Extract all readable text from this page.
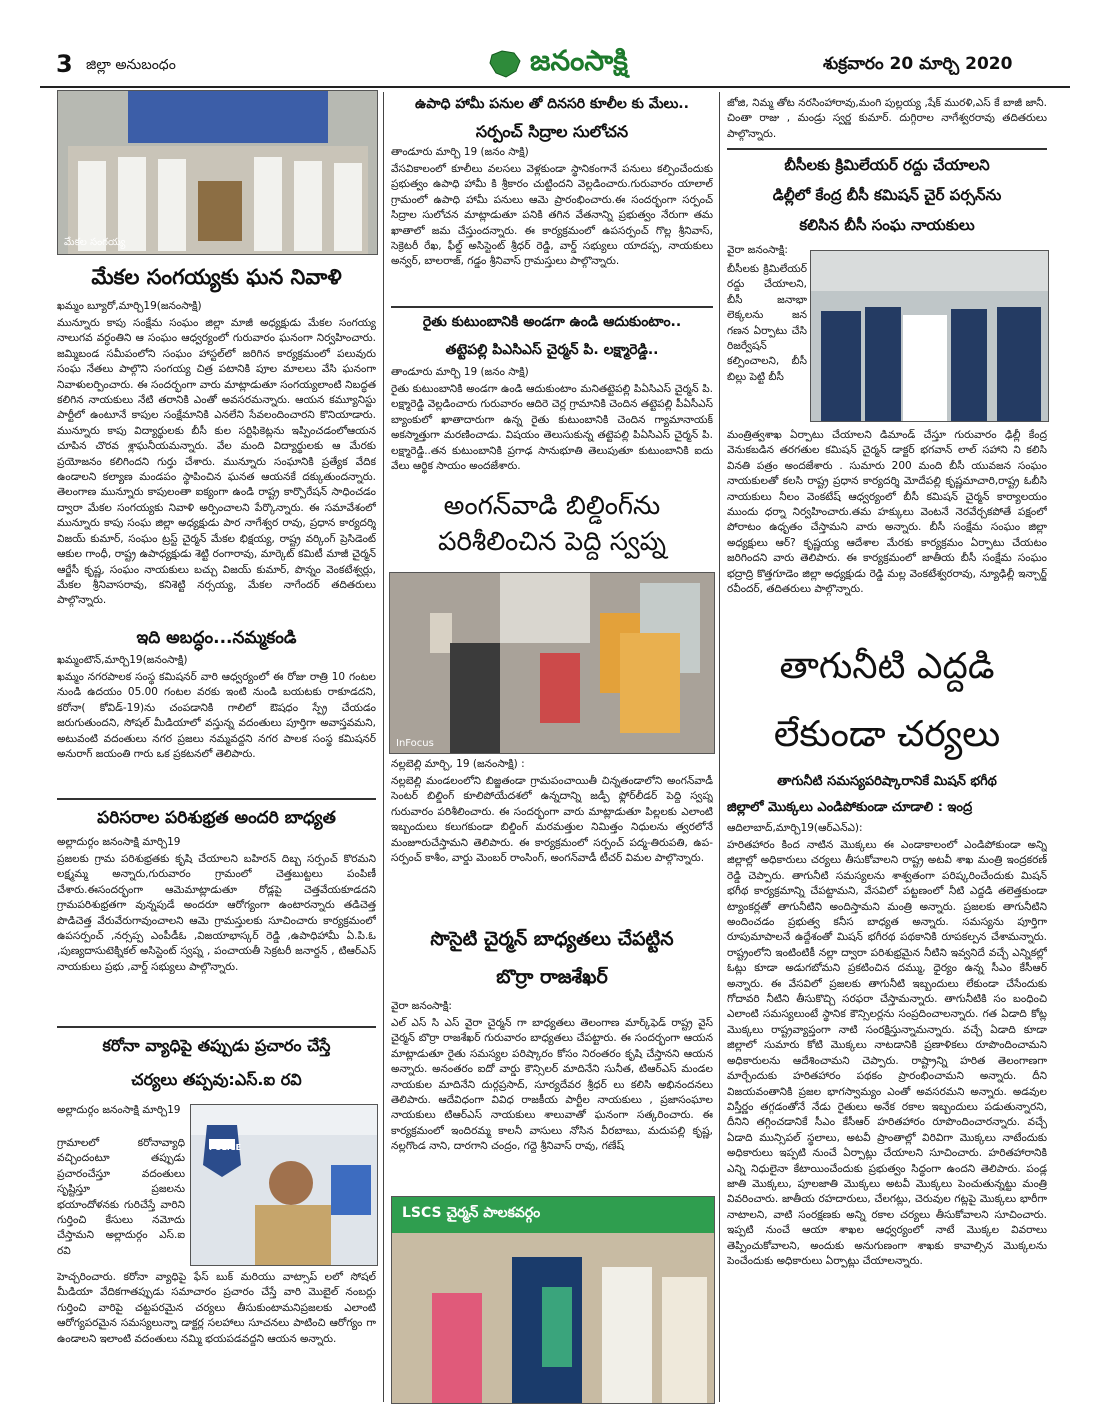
3 జిల్లా అనుబంధం	జనంసాక్షి	శుక్రవారం 20 మార్చి 2020
మేకల సంగయ్య
మేకల సంగయ్యకు ఘన నివాళి
ఖమ్మం బ్యూరో,మార్చి19(జనంసాక్షి)
మున్నూరు కాపు సంక్షేమ సంఘం జిల్లా మాజీ అధ్యక్షుడు మేకల సంగయ్య నాలుగవ వర్ధంతిని ఆ సంఘం ఆధ్వర్యంలో గురువారం ఘనంగా నిర్వహించారు. జమ్మిబండ సమీపంలోని సంఘం హాస్టల్‌లో జరిగిన కార్యక్రమంలో పలువురు సంఘ నేతలు పాల్గొని సంగయ్య చిత్ర పటానికి పూల మాలలు వేసి ఘనంగా నివాళులర్పించారు. ఈ సందర్భంగా వారు మాట్లాడుతూ సంగయ్యలాంటి నిబద్ధత కలిగిన నాయకులు నేటి తరానికి ఎంతో అవసరమన్నారు. ఆయన కమ్యూనిస్టు పార్టీలో ఉంటూనే కాపుల సంక్షేమానికి ఎనలేని సేవలందించారని కొనియాడారు. మున్నూరు కాపు విద్యార్థులకు బీసీ కుల సర్టిఫికెట్లను ఇప్పించడంలోఆయన చూపిన చొరవ శ్లాఘనీయమన్నారు. వేల మంది విద్యార్థులకు ఆ మేరకు ప్రయోజనం కలిగిందని గుర్తు చేశారు. మున్నూరు సంఘానికి ప్రత్యేక వేదిక ఉండాలని కల్యాణ మండపం స్థాపించిన ఘనత ఆయనకే దక్కుతుందన్నారు. తెలంగాణ మున్నూరు కాపులంతా ఐక్యంగా ఉండి రాష్ట్ర కార్పొరేషన్ సాధించడం ద్వారా మేకల సంగయ్యకు నివాళి అర్పించాలని పేర్కొన్నారు. ఈ సమావేశంలో మున్నూరు కాపు సంఘ జిల్లా అధ్యక్షుడు పార నాగేశ్వర రావు, ప్రధాన కార్యదర్శి విజయ్ కుమార్, సంఘం ట్రస్ట్ చైర్మన్ మేకల భిక్షయ్య, రాష్ట్ర వర్కింగ్ ప్రెసిడెంట్ ఆకుల గాంధీ, రాష్ట్ర ఉపాధ్యక్షుడు శెట్టి రంగారావు, మార్కెట్ కమిటీ మాజీ చైర్మన్ ఆర్జేసీ కృష్ణ, సంఘం నాయకులు బచ్చు విజయ్ కుమార్, పొన్నం వెంకటేశ్వర్లు, మేకల శ్రీనివాసరావు, కనిశెట్టి నర్సయ్య, మేకల నాగేందర్ తదితరులు పాల్గొన్నారు.
ఇది అబద్ధం...నమ్మకండి
ఖమ్మంటౌన్,మార్చి19(జనంసాక్షి)
ఖమ్మం నగరపాలక సంస్థ కమిషనర్ వారి ఆధ్వర్యంలో ఈ రోజు రాత్రి 10 గంటల నుండి ఉదయం 05.00 గంటల వరకు ఇంటి నుండి బయటకు రాకూడదని, కరోనా( కోవిడ్-19)ను చంపడానికి గాలిలో ఔషధం స్ప్రే చేయడం జరుగుతుందని, సోషల్ మీడియాలో వస్తున్న వదంతులు పూర్తిగా అవాస్తవమని, అటువంటి వదంతులు నగర ప్రజలు నమ్మవద్దని నగర పాలక సంస్థ కమిషనర్ అనురాగ్ జయంతి గారు ఒక ప్రకటనలో తెలిపారు.
పరిసరాల పరిశుభ్రత అందరి బాధ్యత
అల్లాదుర్గం జనంసాక్షి మార్చి19
ప్రజలకు గ్రామ పరిశుభ్రతకు కృషి చేయాలని బహిరన్ దిబ్బ సర్పంచ్ కొరమని లక్ష్మమ్మ అన్నారు,గురువారం గ్రామంలో చెత్తబుట్టలు పంపిణీ చేశారు.ఈసందర్భంగా ఆమెమాట్లాడుతూ రోడ్లపై చెత్తవేయకూడదని గ్రామపరిశుభ్రతగా వున్నపుడే అందరూ ఆరోగ్యంగా ఉంటారన్నారు తడిచెత్త పొడిచెత్త వేరువేరుగావుంచాలని ఆమె గ్రామస్తులకు సూచించారు కార్యక్రమంలో ఉపసర్పంచ్ ,నర్సప్ప ఎంపీడీఓ ,విజయాభాస్కర్ రెడ్డి ,ఉపాధిహామీ ఏ.పి.ఓ ,పుణ్యదాసుటెక్నికల్ అసిస్టెంట్ స్వప్న , పంచాయతీ సెక్రటరీ జనార్దన్ , టిఆర్ఎస్ నాయకులు ప్రభు ,వార్డ్ సభ్యులు పాల్గొన్నారు.
కరోనా వ్యాధిపై తప్పుడు ప్రచారం చేస్తే
చర్యలు తప్పవు:ఎస్.ఐ రవి
అల్లాదుర్గం జనంసాక్షి మార్చి19
గ్రామాలలో కరోనావ్యాధి వచ్చిందంటూ తప్పుడు ప్రచారంచేస్తూ వదంతులు సృష్టిస్తూ ప్రజలను భయాందోళనకు గురిచేస్తే వారిని గుర్తించి కేసులు నమోదు చేస్తామని అల్లాదుర్గం ఎస్.ఐ రవి
POLICE
హెచ్చరించారు. కరోనా వ్యాధిపై ఫేస్ బుక్ మరియు వాట్సాప్ లలో సోషల్ మీడియా వేదికగాతప్పుడు సమాచారం ప్రచారం చేస్తే వారి మొబైల్ నంబర్లు గుర్తించి వారిపై చట్టపరమైన చర్యలు తీసుకుంటామనిప్రజలకు ఎలాంటి ఆరోగ్యపరమైన సమస్యలున్నా డాక్టర్ల సలహాలు సూచనలు పాటించి ఆరోగ్యం గా ఉండాలని ఇలాంటి వదంతులు నమ్మి భయపడవద్దని ఆయన అన్నారు.
ఉపాధి హామీ పనుల తో దినసరి కూలీల కు మేలు..
సర్పంచ్ సిద్రాల సులోచన
తాండూరు మార్చి 19 (జనం సాక్షి)
వేసవికాలంలో కూలీలు వలసలు వెళ్లకుండా స్థానికంగానే పనులు కల్పించేందుకు ప్రభుత్వం ఉపాధి హామీ కి శ్రీకారం చుట్టిందని వెల్లడించారు.గురువారం యాలాల్ గ్రామంలో ఉపాధి హామీ పనులు ఆమె ప్రారంభించారు.ఈ సందర్భంగా సర్పంచ్ సిద్రాల సులోచన మాట్లాడుతూ పనికి తగిన వేతనాన్ని ప్రభుత్వం నేరుగా తమ ఖాతాలో జమ చేస్తుందన్నారు. ఈ కార్యక్రమంలో ఉపసర్పంచ్ గొల్ల శ్రీనివాస్, సెక్రెటరీ రేఖ, ఫీల్డ్ అసిస్టెంట్ శ్రీధర్ రెడ్డి, వార్డ్ సభ్యులు యాదప్ప, నాయకులు అన్వర్, బాలరాజ్, గడ్డం శ్రీనివాస్ గ్రామస్తులు పాల్గొన్నారు.
రైతు కుటుంబానికి అండగా ఉండి ఆదుకుంటాం..
తట్టెపల్లి పిఎసిఎస్ చైర్మన్ పి. లక్ష్మారెడ్డి..
తాండూరు మార్చి 19 (జనం సాక్షి)
రైతు కుటుంబానికి అండగా ఉండి ఆదుకుంటాం మనితట్టెపల్లి పిఏసిఎస్ చైర్మన్ పి. లక్ష్మారెడ్డి వెల్లడించారు గురువారం ఆదిరె చెర్ల గ్రామానికి చెందిన తట్టెపల్లి పీఏసీఎస్ బ్యాంకులో ఖాతాదారుగా ఉన్న రైతు కుటుంబానికి చెందిన గ్యామానాయక్ అకస్మాత్తుగా మరణించాడు. విషయం తెలుసుకున్న తట్టెపల్లి పిఏసిఎస్ చైర్మన్ పి. లక్ష్మారెడ్డి..తన కుటుంబానికి ప్రగాఢ సానుభూతి తెలుపుతూ కుటుంబానికి ఐదు వేలు ఆర్థిక సాయం అందజేశారు.
అంగన్‌వాడి బిల్డింగ్‌ను
పరిశీలించిన పెద్ది స్వప్న
InFocus
నల్లబెల్లి మార్చి, 19 (జనంసాక్షి) :
నల్లబెల్లి మండలంలోని బిజ్జతండా గ్రామపంచాయితీ చిన్నతండాలోని అంగన్‌వాడీ సెంటర్ బిల్డింగ్ కూలిపోయేదశలో ఉన్నదాన్ని జడ్పీ ఫ్లోర్‌లీడర్ పెద్ది స్వప్న గురువారం పరిశీలించారు. ఈ సందర్భంగా వారు మాట్లాడుతూ పిల్లలకు ఎలాంటి ఇబ్బందులు కలుగకుండా బిల్డింగ్ మరమత్తుల నిమిత్తం నిధులను త్వరలోనే మంజూరుచేస్తామని తెలిపారు. ఈ కార్యక్రమంలో సర్పంచ్ పద్మ-తిరుపతి, ఉప-సర్పంచ్ కాశీం, వార్డు మెంబర్ రాంసింగ్, అంగన్‌వాడీ టీచర్ విమల పాల్గొన్నారు.
సొసైటి చైర్మన్ బాధ్యతలు చేపట్టిన
బొర్రా రాజశేఖర్
వైరా జనంసాక్షి:
ఎల్ ఎస్ సి ఎస్ వైరా చైర్మన్ గా బాధ్యతలు తెలంగాణ మార్క్‌ఫెడ్ రాష్ట్ర వైస్ చైర్మన్ బొర్రా రాజశేఖర్ గురువారం బాధ్యతలు చేపట్టారు. ఈ సందర్భంగా ఆయన మాట్లాడుతూ రైతు సమస్యల పరిష్కారం కోసం నిరంతరం కృషి చేస్తానని ఆయన అన్నారు. అనంతరం ఐదో వార్డు కౌన్సిలర్ మాదినేని సునీత, టిఆర్ఎస్ మండల నాయకుల మాదినేని దుర్గప్రసాద్, సూర్యదేవర శ్రీధర్ లు కలిసి అభినందనలు తెలిపారు. ఆదేవిధంగా వివిధ రాజకీయ పార్టీల నాయకులు , ప్రజాసంఘాల నాయకులు టిఆర్ఎస్ నాయకులు శాలువాతో ఘనంగా సత్కరించారు. ఈ కార్యక్రమంలో ఇందిరమ్మ కాలనీ వాసులు నోసిన వీరబాబు, మదుపల్లి కృష్ణ, నల్లగొండ నాని, దారగాని చంద్రం, గద్దె శ్రీనివాస్ రావు, గణేష్
LSCS చైర్మన్ పాలకవర్గం
జోజి, నిమ్మ తోట నరసింహారావు,మంగి పుల్లయ్య ,షేక్ మురళి,ఎస్ కే బాజీ జానీ. చింతా రాజు , మండ్రు స్వర్ణ కుమార్. దుగ్గిరాల నాగేశ్వరరావు తదితరులు పాల్గొన్నారు.
బీసీలకు క్రిమిలేయర్ రద్దు చేయాలని
డిల్లీలో కేంద్ర బీసీ కమిషన్ చైర్ పర్సన్‌ను
కలిసిన బీసీ సంఘ నాయకులు
వైరా జనంసాక్షి:
బీసీలకు క్రిమిలేయర్ రద్దు చేయాలని, బీసీ జనాభా లెక్కలను జన గణన ఏర్పాటు చేసి రిజర్వేషన్ కల్పించాలని, బీసీ బిల్లు పెట్టి బీసీ
మంత్రిత్వశాఖ ఏర్పాటు చేయాలని డిమాండ్ చేస్తూ గురువారం ఢిల్లీ కేంద్ర వెనుకబడిన తరగతుల కమిషన్ చైర్మన్ డాక్టర్ భగవాన్ లాల్ సహాని ని కలిసి వినతి పత్రం అందజేశారు . సుమారు 200 మంది బీసీ యువజన సంఘం నాయకులతో కలసి రాష్ట్ర ప్రధాన కార్యదర్శి మోదేపల్లి కృష్ణమాచారి,రాష్ట్ర ఓబీసి నాయకులు నీలం వెంకటేష్ ఆధ్వర్యంలో బీసీ కమిషన్ చైర్మన్ కార్యాలయం ముందు ధర్నా నిర్వహించారు.తమ హక్కులు వెంటనే నెరవేర్చకపోతే పక్షంలో పోరాటం ఉధృతం చేస్తామని వారు అన్నారు. బీసీ సంక్షేమ సంఘం జిల్లా అధ్యక్షులు ఆర్? కృష్ణయ్య ఆదేశాల మేరకు కార్యక్రమం ఏర్పాటు చేయటం జరిగిందని వారు తెలిపారు. ఈ కార్యక్రమంలో జాతీయ బీసీ సంక్షేమ సంఘం భద్రాద్రి కొత్తగూడెం జిల్లా అధ్యక్షుడు రెడ్డి మల్ల వెంకటేశ్వరరావు, న్యూఢిల్లీ ఇన్చార్జ్ రవీందర్, తదితరులు పాల్గొన్నారు.
తాగునీటి ఎద్దడి
లేకుండా చర్యలు
తాగునీటి సమస్యపరిష్కారానికే మిషన్ భగీథ
జిల్లాలో మొక్కలు ఎండిపోకుండా చూడాలి : ఇంద్ర
ఆదిలాబాద్,మార్చి19(ఆర్ఎన్ఎ):
హరితహారం కింద నాటిన మొక్కలు ఈ ఎండాకాలంలో ఎండిపోకుండా అన్ని జిల్లాల్లో అధికారులు చర్యలు తీసుకోవాలని రాష్ట్ర అటవీ శాఖ మంత్రి ఇంద్రకరణ్ రెడ్డి చెప్పారు. తాగునీటి సమస్యలను శాశ్వతంగా పరిష్కరించేందుకు మిషన్ భగీథ కార్యక్రమాన్ని చేపట్టామని, వేసవిలో పట్టణంలో నీటి ఎద్దడి తలెత్తకుండా ట్యాంకర్లతో తాగునీటిని అందిస్తామని మంత్రి అన్నారు. ప్రజలకు తాగునీటిని అందించడం ప్రభుత్వ కనీస బాధ్యత అన్నారు. సమస్యను పూర్తిగా రూపుమాపాలనే ఉద్దేశంతో మిషన్ భగీరథ పథకానికి రూపకల్పన చేశామన్నారు. రాష్ట్రంలోని ఇంటింటికీ నల్లా ద్వారా పరిశుభ్రమైన నీటిని ఇవ్వనిదే వచ్చే ఎన్నికల్లో ఓట్లు కూడా అడుగబోమని ప్రకటించిన దమ్ము, ధైర్యం ఉన్న సీఎం కేసీఆర్ అన్నారు. ఈ వేసవిలో ప్రజలకు తాగునీటి ఇబ్బందులు లేకుండా చేసేందుకు గోదావరి నీటిని తీసుకొచ్చి సరఫరా చేస్తామన్నారు. తాగునీటికి సం బంధించి ఎలాంటి సమస్యలుంటే స్థానిక కౌన్సిలర్లను సంప్రదించాలన్నారు. గత ఏడాది కోట్ల మొక్కలు రాష్ట్రవ్యాప్తంగా నాటి సంరక్షిస్తున్నామన్నారు. వచ్చే ఏడాది కూడా జిల్లాలో సుమారు కోటి మొక్కలు నాటడానికి ప్రణాళికలు రూపొందించామని అధికారులను ఆదేశించామని చెప్పారు. రాష్ట్రాన్ని హరిత తెలంగాణగా మార్చేందుకు హరితహారం పథకం ప్రారంభించామని అన్నారు. దీని విజయవంతానికి ప్రజల భాగస్వామ్యం ఎంతో అవసరమని అన్నారు. అడవుల విస్తీర్ణం తగ్గడంతోనే నేడు రైతులు అనేక రకాల ఇబ్బందులు పడుతున్నారని, దీనిని తగ్గించడానికే సీఎం కేసీఆర్ హరితహారం రూపొందించారన్నారు. వచ్చే ఏడాది మున్సిపల్ స్థలాలు, అటవీ ప్రాంతాల్లో విరివిగా మొక్కలు నాటేందుకు అధికారులు ఇప్పటి నుంచే ఏర్పాట్లు చేయాలని సూచించారు. హరితహారానికి ఎన్ని నిధులైనా కేటాయించేందుకు ప్రభుత్వం సిద్ధంగా ఉందని తెలిపారు. పండ్ల జాతి మొక్కలు, పూలజాతి మొక్కలు అటవీ మొక్కలు పెంచుతున్నట్టు మంత్రి వివరించారు. జాతీయ రహదారులు, చేలగట్లు, చెరువుల గట్లపై మొక్కలు భారీగా నాటాలని, వాటి సంరక్షణకు అన్ని రకాల చర్యలు తీసుకోవాలని సూచించారు. ఇప్పటి నుంచే ఆయా శాఖల ఆధ్వర్యంలో నాటే మొక్కల వివరాలు తెప్పించుకోవాలని, అందుకు అనుగుణంగా శాఖకు కావాల్సిన మొక్కలను పెంచేందుకు అధికారులు ఏర్పాట్లు చేయాలన్నారు.
